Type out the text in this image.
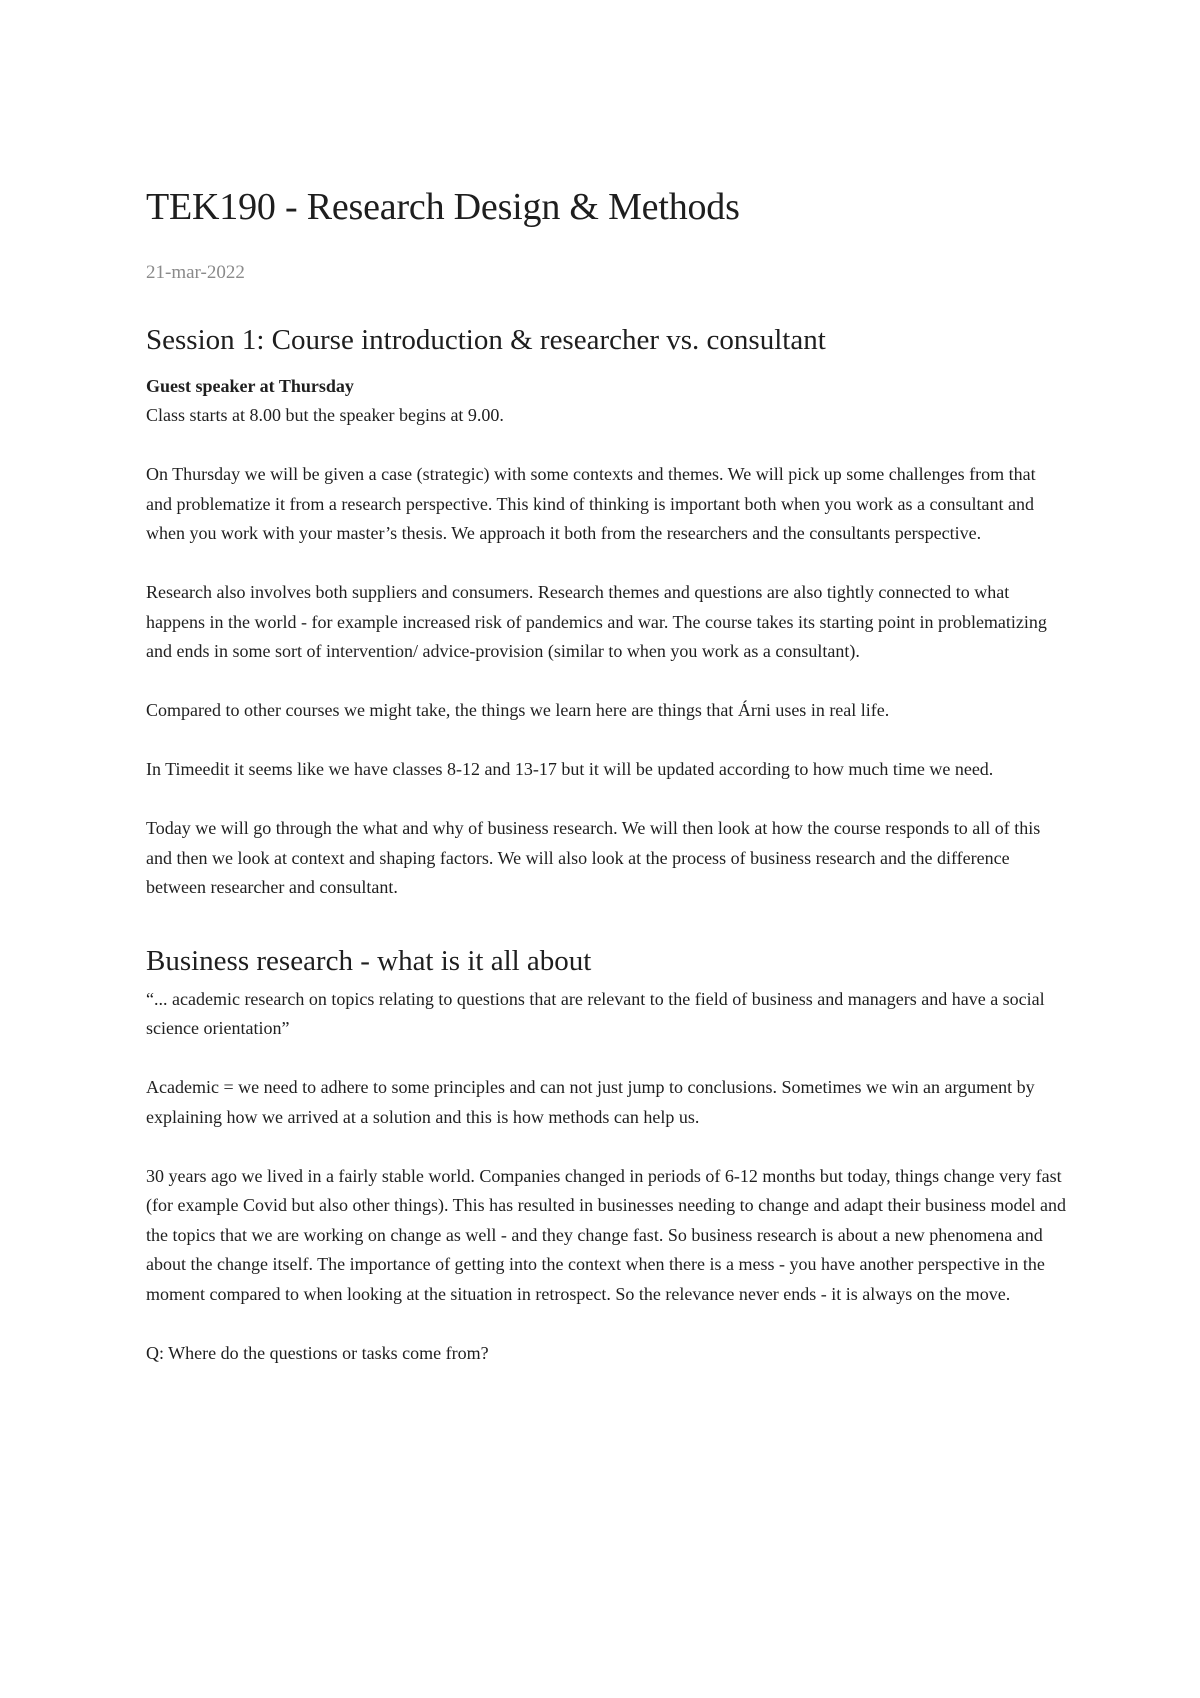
TEK190 - Research Design & Methods
21-mar-2022
Session 1: Course introduction & researcher vs. consultant
Guest speaker at Thursday

Class starts at 8.00 but the speaker begins at 9.00.

On Thursday we will be given a case (strategic) with some contexts and themes. We will pick up some challenges from that and problematize it from a research perspective. This kind of thinking is important both when you work as a consultant and when you work with your master’s thesis. We approach it both from the researchers and the consultants perspective.

Research also involves both suppliers and consumers. Research themes and questions are also tightly connected to what happens in the world - for example increased risk of pandemics and war. The course takes its starting point in problematizing and ends in some sort of intervention/ advice-provision (similar to when you work as a consultant).

Compared to other courses we might take, the things we learn here are things that Árni uses in real life.

In Timeedit it seems like we have classes 8-12 and 13-17 but it will be updated according to how much time we need.

Today we will go through the what and why of business research. We will then look at how the course responds to all of this and then we look at context and shaping factors. We will also look at the process of business research and the difference between researcher and consultant.

Business research - what is it all about

“... academic research on topics relating to questions that are relevant to the field of business and managers and have a social science orientation”

Academic = we need to adhere to some principles and can not just jump to conclusions. Sometimes we win an argument by explaining how we arrived at a solution and this is how methods can help us.

30 years ago we lived in a fairly stable world. Companies changed in periods of 6-12 months but today, things change very fast (for example Covid but also other things). This has resulted in businesses needing to change and adapt their business model and the topics that we are working on change as well - and they change fast. So business research is about a new phenomena and about the change itself. The importance of getting into the context when there is a mess - you have another perspective in the moment compared to when looking at the situation in retrospect. So the relevance never ends - it is always on the move.

Q: Where do the questions or tasks come from?
